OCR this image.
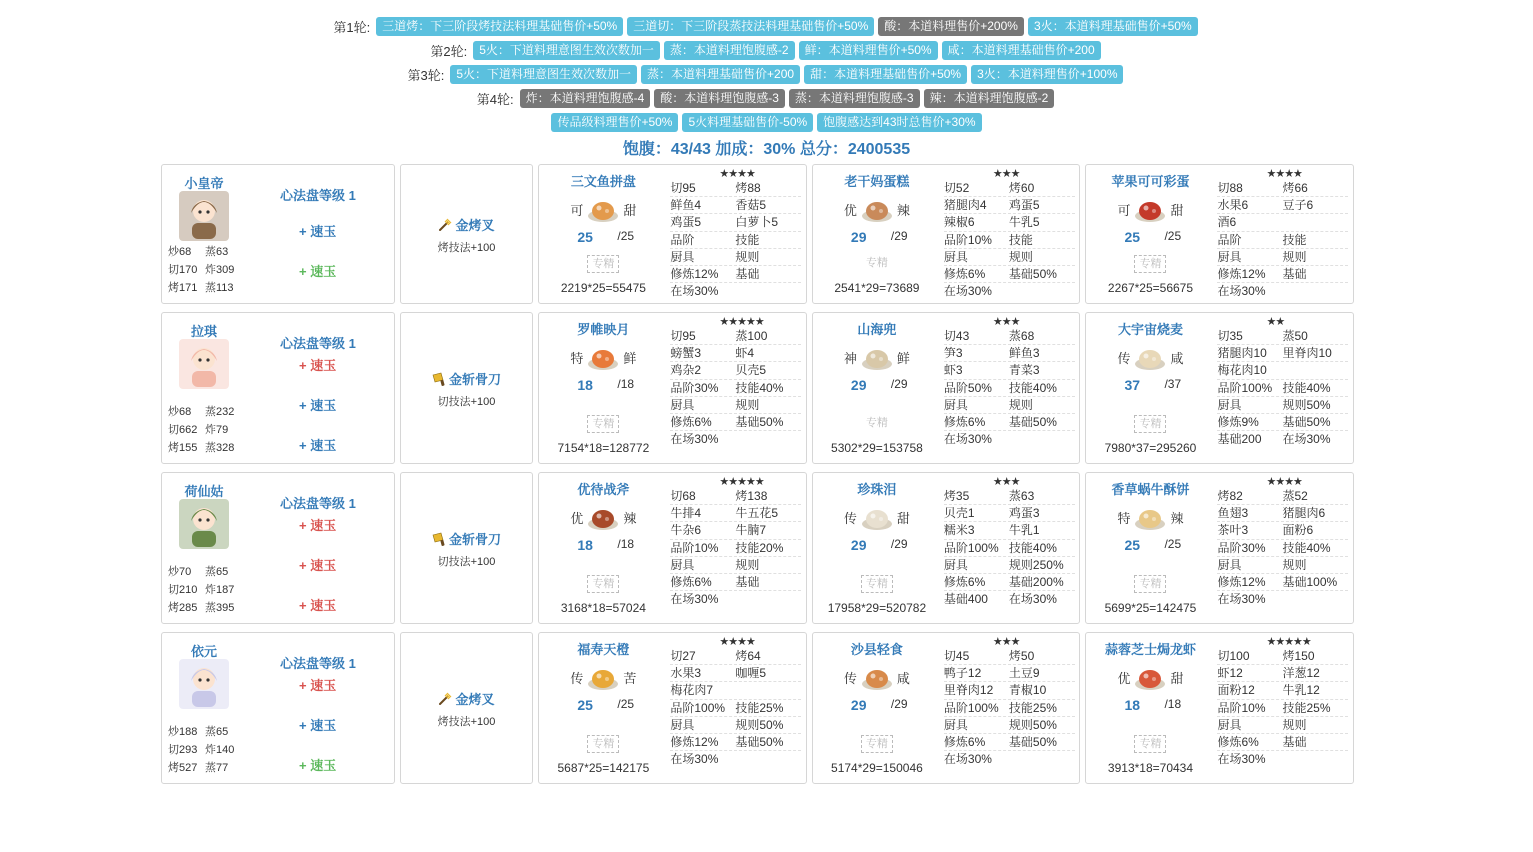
第1轮:	三道烤：下三阶段烤技法料理基础售价+50%	三道切：下三阶段蒸技法料理基础售价+50%	酸：本道料理售价+200%	3火：本道料理基础售价+50%
第2轮:	5火：下道料理意图生效次数加一	蒸：本道料理饱腹感-2	鲜：本道料理售价+50%	咸：本道料理基础售价+200
第3轮:	5火：下道料理意图生效次数加一	蒸：本道料理基础售价+200	甜：本道料理基础售价+50%	3火：本道料理售价+100%
第4轮:	炸：本道料理饱腹感-4	酸：本道料理饱腹感-3	蒸：本道料理饱腹感-3	辣：本道料理饱腹感-2
传品级料理售价+50%	5火料理基础售价-50%	饱腹感达到43时总售价+30%
饱腹：43/43 加成：30% 总分：2400535
小皇帝
炒68 蒸63
切170 炸309
烤171 蒸113
心法盘等级 1
+ 速玉
+ 速玉
金烤叉
烤技法+100
三文鱼拼盘	★★★★
可	甜
25 /25
专精
2219*25=55475
切95	烤88
鲜鱼4	香菇5
鸡蛋5	白萝卜5
品阶	技能
厨具	规则
修炼12%	基础
在场30%
老干妈蛋糕	★★★
优	辣
29 /29
专精
2541*29=73689
切52	烤60
猪腿肉4	鸡蛋5
辣椒6	牛乳5
品阶10%	技能
厨具	规则
修炼6%	基础50%
在场30%
苹果可可彩蛋	★★★★
可	甜
25 /25
专精
2267*25=56675
切88	烤66
水果6	豆子6
酒6
品阶	技能
厨具	规则
修炼12%	基础
在场30%
拉琪
炒68 蒸232
切662 炸79
烤155 蒸328
心法盘等级 1
+ 速玉
+ 速玉
+ 速玉
金斩骨刀
切技法+100
罗帷映月	★★★★★
特	鲜
18 /18
专精
7154*18=128772
切95	蒸100
螃蟹3	虾4
鸡杂2	贝壳5
品阶30%	技能40%
厨具	规则
修炼6%	基础50%
在场30%
山海兜	★★★
神	鲜
29 /29
专精
5302*29=153758
切43	蒸68
笋3	鲜鱼3
虾3	青菜3
品阶50%	技能40%
厨具	规则
修炼6%	基础50%
在场30%
大宇宙烧麦	★★
传	咸
37 /37
专精
7980*37=295260
切35	蒸50
猪腿肉10	里脊肉10
梅花肉10
品阶100% 技能40%
厨具	规则50%
修炼9%	基础50%
基础200	在场30%
荷仙姑
炒70 蒸65
切210 炸187
烤285 蒸395
心法盘等级 1
+ 速玉
+ 速玉
+ 速玉
金斩骨刀
切技法+100
优待战斧	★★★★★
优	辣
18 /18
专精
3168*18=57024
切68	烤138
牛排4	牛五花5
牛杂6	牛腩7
品阶10%	技能20%
厨具	规则
修炼6%	基础
在场30%
珍珠泪	★★★
传	甜
29 /29
专精
17958*29=520782
烤35	蒸63
贝壳1	鸡蛋3
糯米3	牛乳1
品阶100% 技能40%
厨具	规则250%
修炼6%	基础200%
基础400	在场30%
香草蜗牛酥饼	★★★★
特	辣
25 /25
专精
5699*25=142475
烤82	蒸52
鱼翅3	猪腿肉6
茶叶3	面粉6
品阶30%	技能40%
厨具	规则
修炼12%	基础100%
在场30%
依元
炒188 蒸65
切293 炸140
烤527 蒸77
心法盘等级 1
+ 速玉
+ 速玉
+ 速玉
金烤叉
烤技法+100
福寿天橙	★★★★
传	苦
25 /25
专精
5687*25=142175
切27	烤64
水果3	咖喱5
梅花肉7
品阶100% 技能25%
厨具	规则50%
修炼12%	基础50%
在场30%
沙县轻食	★★★
传	咸
29 /29
专精
5174*29=150046
切45	烤50
鸭子12	土豆9
里脊肉12	青椒10
品阶100% 技能25%
厨具	规则50%
修炼6%	基础50%
在场30%
蒜蓉芝士焗龙虾	★★★★★
优	甜
18 /18
专精
3913*18=70434
切100	烤150
虾12	洋葱12
面粉12	牛乳12
品阶10%	技能25%
厨具	规则
修炼6%	基础
在场30%
